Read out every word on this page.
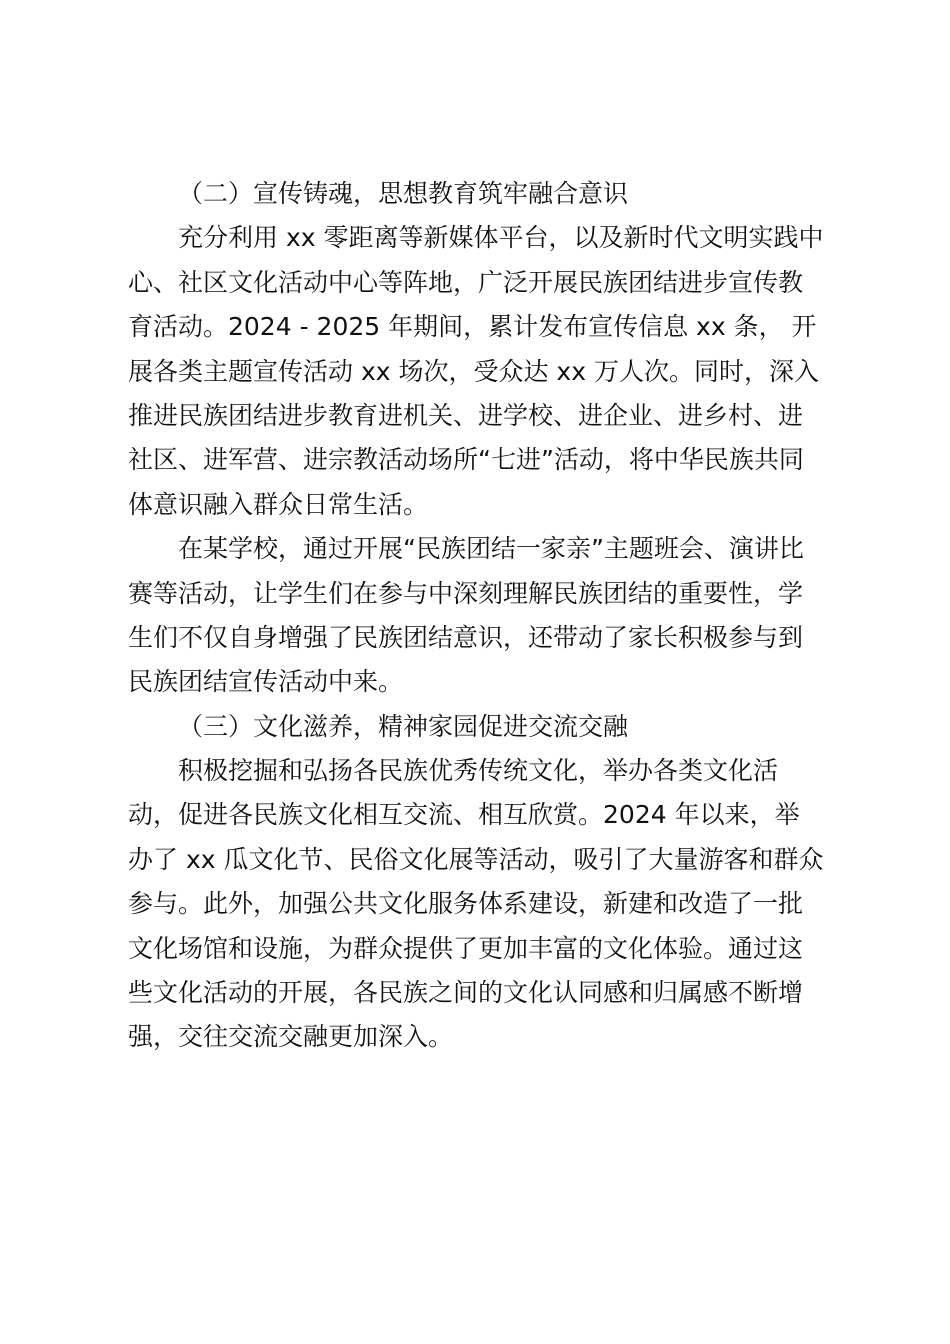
（二）宣传铸魂，思想教育筑牢融合意识
充分利用 xx 零距离等新媒体平台，以及新时代文明实践中
心、社区文化活动中心等阵地，广泛开展民族团结进步宣传教
育活动。2024 - 2025 年期间，累计发布宣传信息 xx 条， 开
展各类主题宣传活动 xx 场次，受众达 xx 万人次。同时，深入
推进民族团结进步教育进机关、进学校、进企业、进乡村、进
社区、进军营、进宗教活动场所“七进”活动，将中华民族共同
体意识融入群众日常生活。
在某学校，通过开展“民族团结一家亲”主题班会、演讲比
赛等活动，让学生们在参与中深刻理解民族团结的重要性，学
生们不仅自身增强了民族团结意识，还带动了家长积极参与到
民族团结宣传活动中来。
（三）文化滋养，精神家园促进交流交融
积极挖掘和弘扬各民族优秀传统文化，举办各类文化活
动，促进各民族文化相互交流、相互欣赏。2024 年以来，举
办了 xx 瓜文化节、民俗文化展等活动，吸引了大量游客和群众
参与。此外，加强公共文化服务体系建设，新建和改造了一批
文化场馆和设施，为群众提供了更加丰富的文化体验。通过这
些文化活动的开展，各民族之间的文化认同感和归属感不断增
强，交往交流交融更加深入。
